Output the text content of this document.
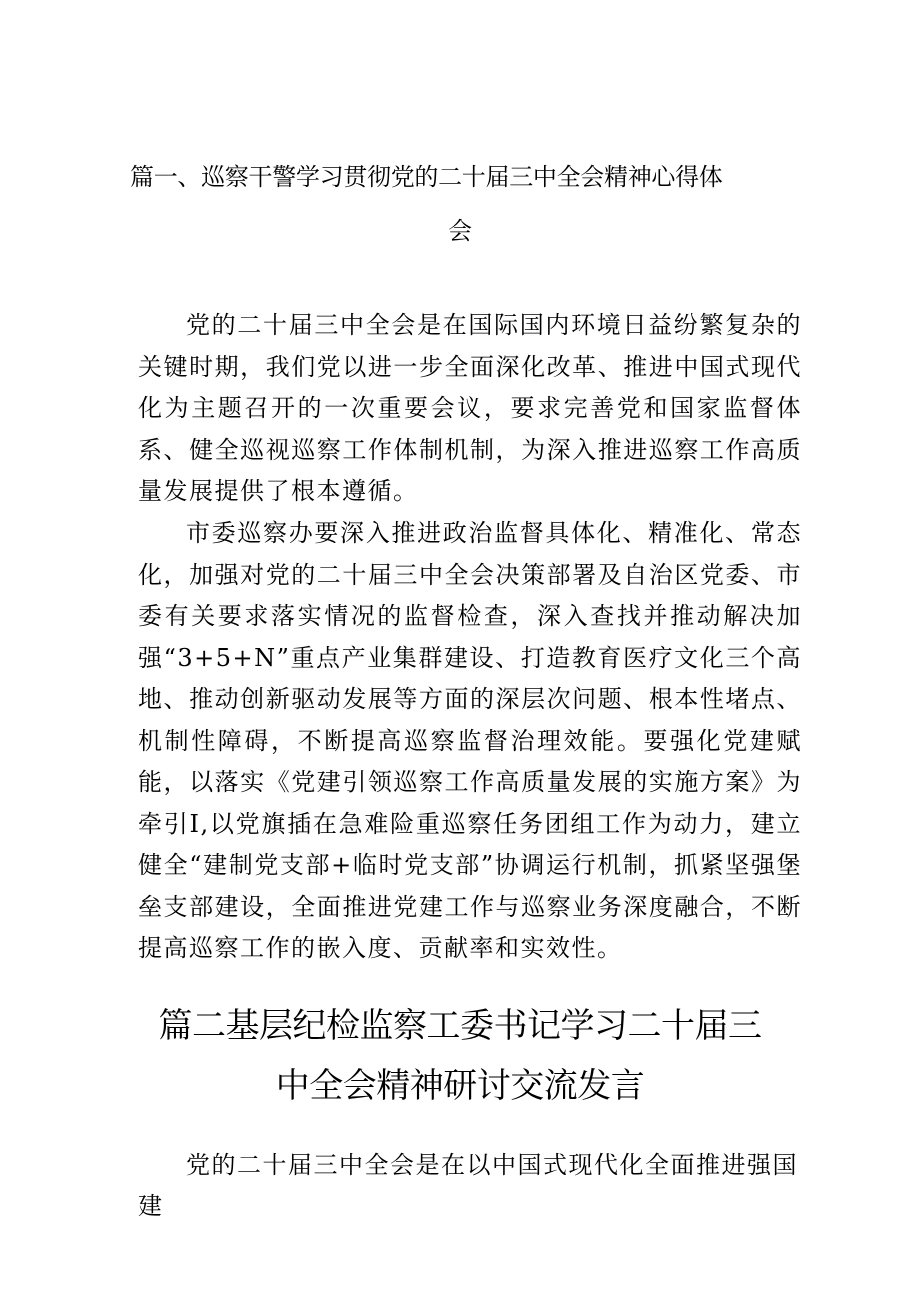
篇一、巡察干警学习贯彻党的二十届三中全会精神心得体
会

党的二十届三中全会是在国际国内环境日益纷繁复杂的关键时期，我们党以进一步全面深化改革、推进中国式现代化为主题召开的一次重要会议，要求完善党和国家监督体系、健全巡视巡察工作体制机制，为深入推进巡察工作高质量发展提供了根本遵循。

市委巡察办要深入推进政治监督具体化、精准化、常态化，加强对党的二十届三中全会决策部署及自治区党委、市委有关要求落实情况的监督检查，深入查找并推动解决加强“3+5+N”重点产业集群建设、打造教育医疗文化三个高地、推动创新驱动发展等方面的深层次问题、根本性堵点、机制性障碍，不断提高巡察监督治理效能。要强化党建赋能，以落实《党建引领巡察工作高质量发展的实施方案》为牵引I,以党旗插在急难险重巡察任务团组工作为动力，建立健全“建制党支部+临时党支部”协调运行机制，抓紧坚强堡垒支部建设，全面推进党建工作与巡察业务深度融合，不断提高巡察工作的嵌入度、贡献率和实效性。

篇二基层纪检监察工委书记学习二十届三
中全会精神研讨交流发言

党的二十届三中全会是在以中国式现代化全面推进强国建
